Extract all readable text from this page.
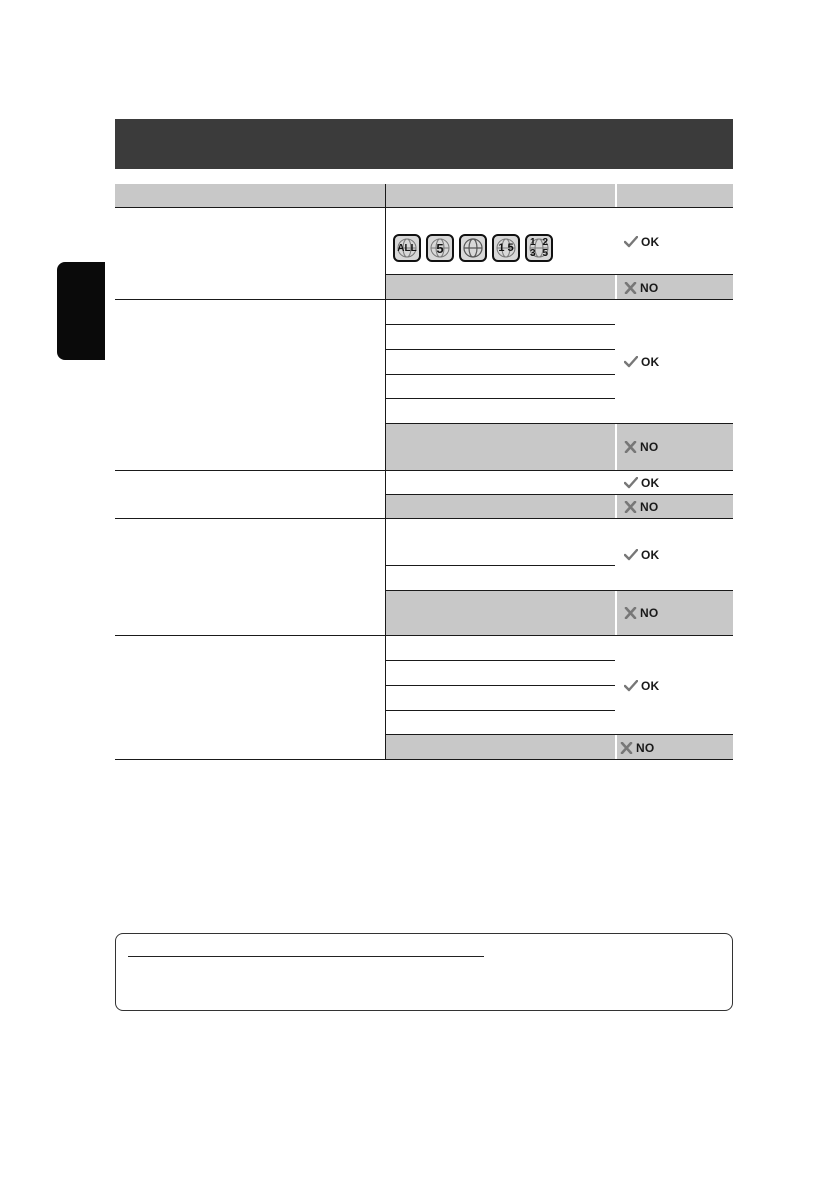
ALL 5	1 5 1 2
3 5
OK
NO
OK
NO
OK
NO
OK
NO
OK
NO
